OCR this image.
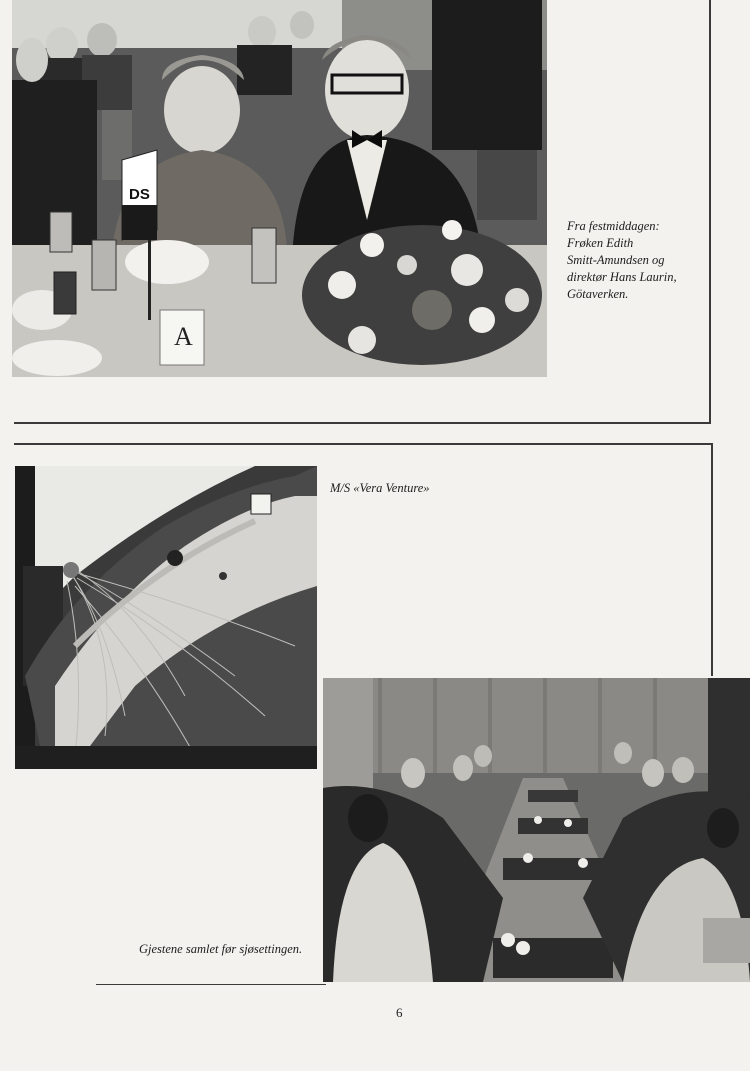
DS
A
Fra festmiddagen:
Frøken Edith
Smitt-Amundsen og
direktør Hans Laurin,
Götaverken.
M/S «Vera Venture»
Gjestene samlet før sjøsettingen.
6
